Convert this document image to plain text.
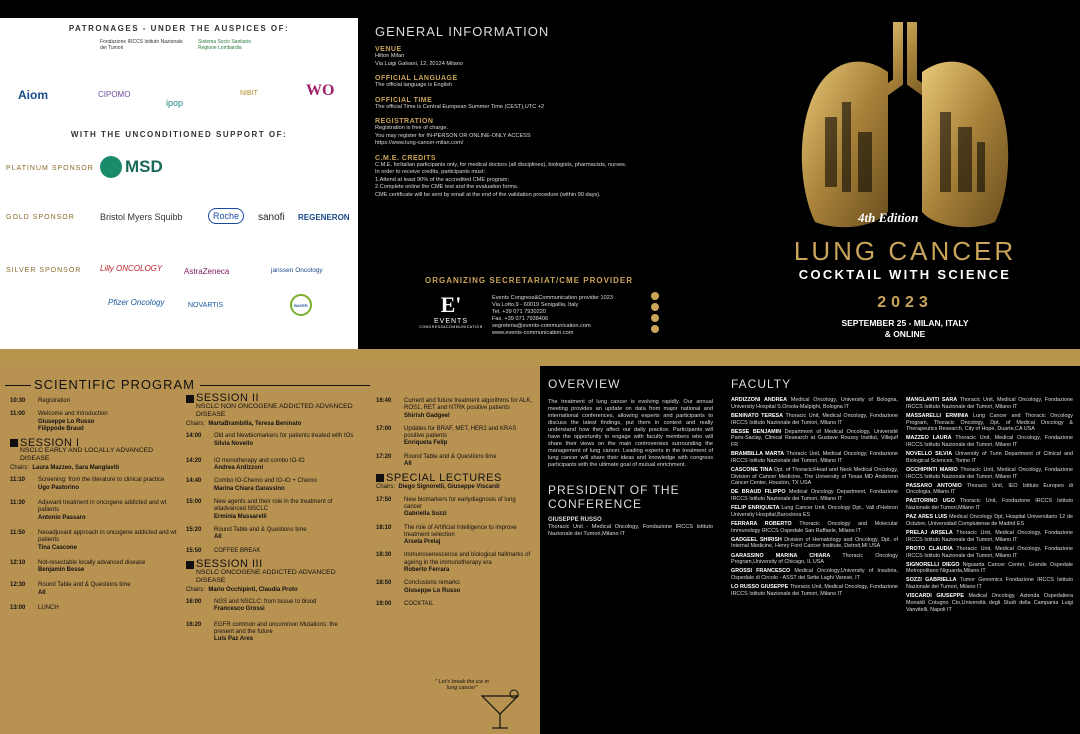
PATRONAGES - UNDER THE AUSPICES OF:
Fondazione IRCCS Istituto Nazionale dei Tumori
Sistema Socio Sanitario Regione Lombardia
Aiom	CIPOMO
ipop
NIBIT	WO
WITH THE UNCONDITIONED SUPPORT OF:
PLATINUM SPONSOR MSD
GOLD SPONSOR	Bristol Myers Squibb	Roche	sanofi REGENERON
SILVER SPONSOR Lilly ONCOLOGY	AstraZeneca	janssen Oncology
Pfizer Oncology	NOVARTIS	BAYER
GENERAL INFORMATION
VENUE
Hilton Milan
Via Luigi Galvani, 12, 20124 Milano
OFFICIAL LANGUAGE
The official language is English
OFFICIAL TIME
The official Time is Central European Summer Time (CEST),UTC +2
REGISTRATION
Registration is free of charge.
You may register for IN-PERSON OR ONLINE-ONLY ACCESS
https://www.lung-cancer-milan.com/
C.M.E. CREDITS
C.M.E. forItalian participants only, for medical doctors (all disciplines), biologists, pharmacists, nurses.
In order to receive credits, participants must:
1.Attend at least 90% of the accredited CME program;
2.Complete online the CME test and the evaluation forms.
CME certificate will be sent by email at the end of the validation procedure (within 90 days).
ORGANIZING SECRETARIAT/CME PROVIDER
E'
EVENTS
CONGRESS&COMMUNICATION
Events Congress&Communication provider 1023
Via Lotto,9 - 60019 Senigallia, Italy
Tel. +39 071 7930220
Fax. +39 071 7938406
segreteria@events-communication.com
www.events-communication.com
4th Edition
LUNG CANCER
COCKTAIL WITH SCIENCE
2023
SEPTEMBER 25 - MILAN, ITALY
& ONLINE
SCIENTIFIC PROGRAM
10:30	Registration
11:00	Welcome and Introduction
Giuseppe Lo Russo
Filippode Braud
SESSION I
NSCLC EARLY AND LOCALLY ADVANCED DISEASE
Chairs: Laura Mazzeo, Sara Manglaviti
11:10	Screening: from the literature to clinical practice
Ugo Pastorino
11:30	Adjuvant treatment in oncogene addicted and wt patients
Antonio Passaro
11:50	Neoadjuvant approach in oncogene addicted and wt patients
Tina Cascone
12:10	Not-resectable locally advanced disease
Benjamin Besse
12:30	Round Table and & Questions time
All
13:00	LUNCH
SESSION II
NSCLC NON ONCOGENE ADDICTED ADVANCED DISEASE
Chairs: MartaBrambilla, Teresa Beninato
14:00	Old and Newbiomarkers for patients treated with IOs
Silvia Novello
14:20	IO monotherapy and combo IO-IO
Andrea Ardizzoni
14:40	Combo IO-Chemo and IO-IO + Chemo
Marina Chiara Garassino
15:00	New agents and their role in the treatment of wtadvanced NSCLC
Erminia Massarelli
15:20	Round Table and & Questions time
All
15:50	COFFEE BREAK
SESSION III
NSCLC ONCOGENE ADDICTED ADVANCED DISEASE
Chairs: Mario Occhipinti, Claudia Proto
16:00	NGS and NSCLC: from tissue to blood
Francesco Grossi
16:20	EGFR common and uncommon Mutations: the present and the future
Luis Paz Ares
16:40	Current and future treatment algorithms for ALK, ROS1, RET and NTRK positive patients
Shirish Gadgeel
17:00	Updates for BRAF, MET, HER2 and KRAS positive patients
Enriqueta Felip
17:20	Round Table and & Questions time
All
SPECIAL LECTURES
Chairs: Diego Signorelli, Giuseppe Viscardi
17:50	New biomarkers for earlydiagnosis of lung cancer
Gabriella Sozzi
18:10	The role of Artificial Intelligence to improve treatment selection
Arsela Prelaj
18:30	Immunosenescence and biological hallmarks of ageing in the immunotherapy era
Roberto Ferrara
18:50	Conclusions remarks
Giuseppe Lo Russo
19:00	COCKTAIL
" Let's break the ice in lung cancer"
OVERVIEW
The treatment of lung cancer is evolving rapidly. Our annual meeting provides an update on data from major national and international conferences, allowing experts and participants to discuss the latest findings, put them in context and really understand how they affect our daily practice. Participants will have the opportunity to engage with faculty members who will share their views on the main controversies surrounding the management of lung cancer. Leading experts in the treatment of lung cancer will share their ideas and knowledge with congress participants with the ultimate goal of mutual enrichment.
PRESIDENT OF THE CONFERENCE
GIUSEPPE RUSSO
Thoracic Unit - Medical Oncology, Fondazione IRCCS Istituto Nazionale dei Tumori,Milano IT
FACULTY

ARDIZZONI ANDREA Medical Oncology, University of Bologna, University Hospital S.Orsola-Malpighi, Bologna IT

BENINATO TERESA Thoracic Unit, Medical Oncology, Fondazione IRCCS Istituto Nazionale dei Tumori, Milano IT

BESSE BENJAMIN Department of Medical Oncology, Université Paris-Saclay, Clinical Research at Gustave Roussy Institut, Villejuif FR

BRAMBILLA MARTA Thoracic Unit, Medical Oncology, Fondazione IRCCS Istituto Nazionale dei Tumori, Milano IT

CASCONE TINA Dpt. of Thoracic/Head and Neck Medical Oncology, Division of Cancer Medicine, The University of Texas MD Anderson Cancer Center, Houston, TX USA

DE BRAUD FILIPPO Medical Oncology Department, Fondazione IRCCS Istituto Nazionale dei Tumori, Milano IT

FELIP ENRIQUETA Lung Cancer Unit, Oncology Dpt., Vall d'Hebron University Hospital,Barcelona ES

FERRARA ROBERTO Thoracic Oncology and Molecular Immunology IRCCS Ospedale San Raffaele, Milano IT

GADGEEL SHIRISH Division of Hematology and Oncology, Dpt. of Internal Medicine, Henry Ford Cancer Institute, Detroit,MI USA

GARASSINO MARINA CHIARA Thoracic Oncology Program,University of Chicago, IL USA

GROSSI FRANCESCO Medical Oncology,University of Insubria, Ospedale di Circolo - ASST dei Sette Laghi Varese, IT

LO RUSSO GIUSEPPE Thoracic Unit, Medical Oncology, Fondazione IRCCS Istituto Nazionale dei Tumori, Milano IT

MANGLAVITI SARA Thoracic Unit, Medical Oncology, Fondazione IRCCS Istituto Nazionale dei Tumori, Milano IT

MASSARELLI ERMINIA Lung Cancer and Thoracic Oncology Program, Thoracic Oncology, Dpt. of Medical Oncology & Therapeutics Research, City of Hope, Duarte,CA USA

MAZZEO LAURA Thoracic Unit, Medical Oncology, Fondazione IRCCS Istituto Nazionale dei Tumori, Milano IT

NOVELLO SILVIA University of Turin Department of Clinical and Biological Sciences, Torino IT

OCCHIPINTI MARIO Thoracic Unit, Medical Oncology, Fondazione IRCCS Istituto Nazionale dei Tumori, Milano IT

PASSARO ANTONIO Thoracic Unit, IEO Istituto Europeo di Oncologia, Milano IT

PASTORINO UGO Thoracic Unit, Fondazione IRCCS Istituto Nazionale dei Tumori,Milano IT

PAZ ARES LUIS Medical Oncology Dpt, Hospital Universitario 12 de Octubre, Universidad Complutense de Madrid ES

PRELAJ ARSELA Thoracic Unit, Medical Oncology, Fondazione IRCCS Istituto Nazionale dei Tumori, Milano IT

PROTO CLAUDIA Thoracic Unit, Medical Oncology, Fondazione IRCCS Istituto Nazionale dei Tumori, Milano IT

SIGNORELLI DIEGO Niguarda Cancer Center, Grande Ospedale Metropolitano Niguarda,Milano IT

SOZZI GABRIELLA Tumor Genomics Fondazione IRCCS Istituto Nazionale dei Tumori, Milano IT

VISCARDI GIUSEPPE Medical Oncology, Azienda Ospedaliera Monaldi Cotugno Cto,Università degli Studi della Campania Luigi Vanvitelli, Napoli IT
